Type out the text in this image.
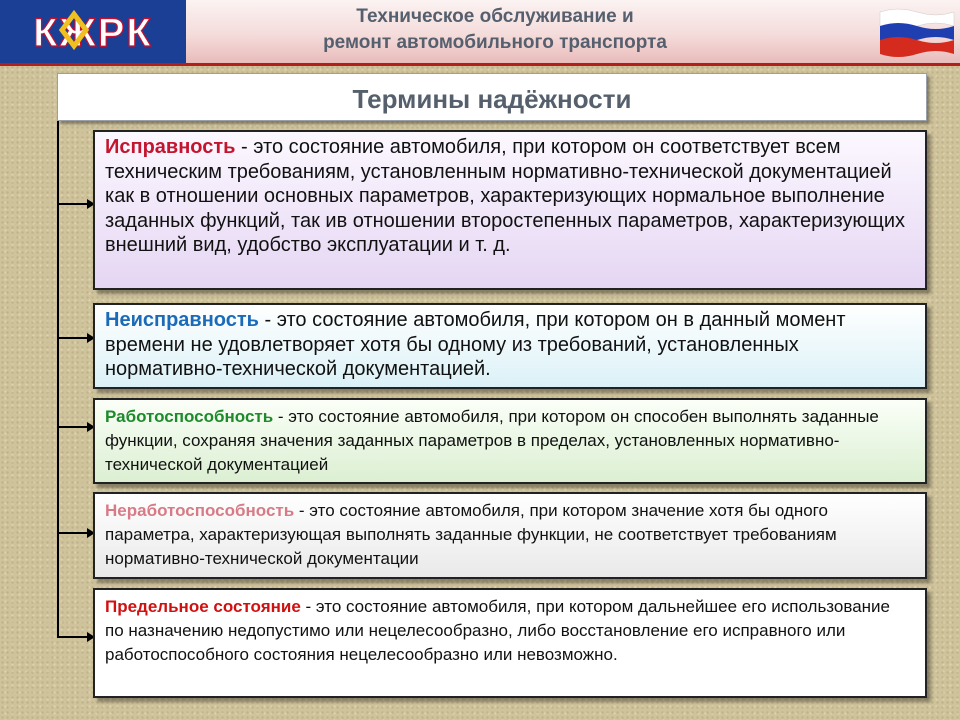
КЖРК	Техническое обслуживание и
ремонт автомобильного транспорта
Термины надёжности
Исправность - это состояние автомобиля, при котором он соответствует всем техническим требованиям, установленным нормативно-технической документацией как в отношении основных параметров, характеризующих нормальное выполнение заданных функций, так ив отношении второстепенных параметров, характеризующих внешний вид, удобство эксплуатации и т. д.
Неисправность - это состояние автомобиля, при котором он в данный момент времени не удовлетворяет хотя бы одному из требований, установленных нормативно-технической документацией.
Работоспособность - это состояние автомобиля, при котором он способен выполнять заданные функции, сохраняя значения заданных параметров в пределах, установленных нормативно-технической документацией
Неработоспособность - это состояние автомобиля, при котором значение хотя бы одного параметра, характеризующая выполнять заданные функции, не соответствует требованиям нормативно-технической документации
Предельное состояние - это состояние автомобиля, при котором дальнейшее его использование по назначению недопустимо или нецелесообразно, либо восстановление его исправного или работоспособного состояния нецелесообразно или невозможно.
